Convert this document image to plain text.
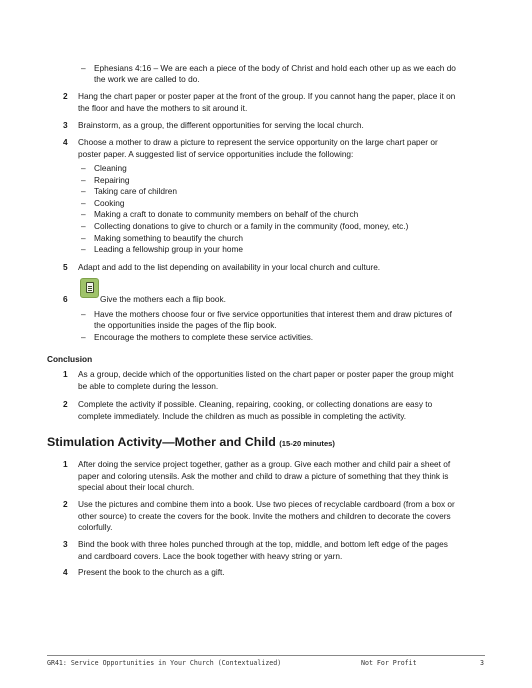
– Ephesians 4:16 – We are each a piece of the body of Christ and hold each other up as we each do
the work we are called to do.
2 Hang the chart paper or poster paper at the front of the group. If you cannot hang the paper, place it on
the floor and have the mothers to sit around it.
3 Brainstorm, as a group, the different opportunities for serving the local church.
4 Choose a mother to draw a picture to represent the service opportunity on the large chart paper or
poster paper. A suggested list of service opportunities include the following:
– Cleaning
– Repairing
– Taking care of children
– Cooking
– Making a craft to donate to community members on behalf of the church
– Collecting donations to give to church or a family in the community (food, money, etc.)
– Making something to beautify the church
– Leading a fellowship group in your home
5 Adapt and add to the list depending on availability in your local church and culture.
6	Give the mothers each a flip book.
– Have the mothers choose four or five service opportunities that interest them and draw pictures of
the opportunities inside the pages of the flip book.
– Encourage the mothers to complete these service activities.
Conclusion
1 As a group, decide which of the opportunities listed on the chart paper or poster paper the group might
be able to complete during the lesson.
2 Complete the activity if possible. Cleaning, repairing, cooking, or collecting donations are easy to
complete immediately. Include the children as much as possible in completing the activity.
Stimulation Activity—Mother and Child (15-20 minutes)
1 After doing the service project together, gather as a group. Give each mother and child pair a sheet of
paper and coloring utensils. Ask the mother and child to draw a picture of something that they think is
special about their local church.
2 Use the pictures and combine them into a book. Use two pieces of recyclable cardboard (from a box or
other source) to create the covers for the book. Invite the mothers and children to decorate the covers
colorfully.
3 Bind the book with three holes punched through at the top, middle, and bottom left edge of the pages
and cardboard covers. Lace the book together with heavy string or yarn.
4 Present the book to the church as a gift.
GR41: Service Opportunities in Your Church (Contextualized)	Not For Profit	3
